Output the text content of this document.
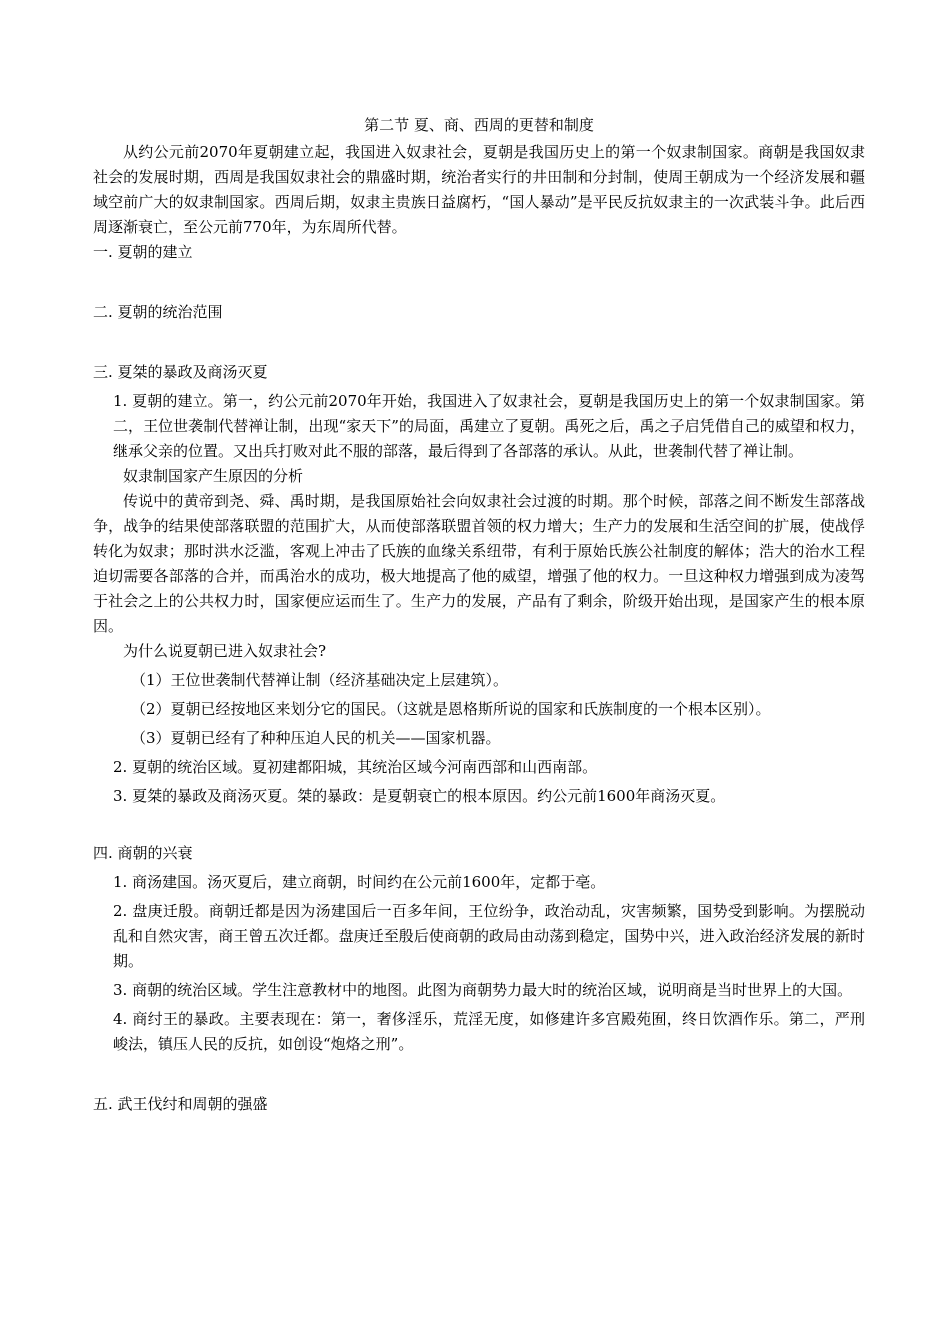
第二节 夏、商、西周的更替和制度

从约公元前2070年夏朝建立起，我国进入奴隶社会，夏朝是我国历史上的第一个奴隶制国家。商朝是我国奴隶社会的发展时期，西周是我国奴隶社会的鼎盛时期，统治者实行的井田制和分封制，使周王朝成为一个经济发展和疆域空前广大的奴隶制国家。西周后期，奴隶主贵族日益腐朽，“国人暴动”是平民反抗奴隶主的一次武装斗争。此后西周逐渐衰亡，至公元前770年，为东周所代替。

一. 夏朝的建立

二. 夏朝的统治范围

三. 夏桀的暴政及商汤灭夏

1. 夏朝的建立。第一，约公元前2070年开始，我国进入了奴隶社会，夏朝是我国历史上的第一个奴隶制国家。第二，王位世袭制代替禅让制，出现“家天下”的局面，禹建立了夏朝。禹死之后，禹之子启凭借自己的威望和权力，继承父亲的位置。又出兵打败对此不服的部落，最后得到了各部落的承认。从此，世袭制代替了禅让制。

奴隶制国家产生原因的分析

传说中的黄帝到尧、舜、禹时期，是我国原始社会向奴隶社会过渡的时期。那个时候，部落之间不断发生部落战争，战争的结果使部落联盟的范围扩大，从而使部落联盟首领的权力增大；生产力的发展和生活空间的扩展，使战俘转化为奴隶；那时洪水泛滥，客观上冲击了氏族的血缘关系纽带，有利于原始氏族公社制度的解体；浩大的治水工程迫切需要各部落的合并，而禹治水的成功，极大地提高了他的威望，增强了他的权力。一旦这种权力增强到成为凌驾于社会之上的公共权力时，国家便应运而生了。生产力的发展，产品有了剩余，阶级开始出现，是国家产生的根本原因。

为什么说夏朝已进入奴隶社会?

（1）王位世袭制代替禅让制（经济基础决定上层建筑）。

（2）夏朝已经按地区来划分它的国民。（这就是恩格斯所说的国家和氏族制度的一个根本区别）。

（3）夏朝已经有了种种压迫人民的机关——国家机器。

2. 夏朝的统治区域。夏初建都阳城，其统治区域今河南西部和山西南部。

3. 夏桀的暴政及商汤灭夏。桀的暴政：是夏朝衰亡的根本原因。约公元前1600年商汤灭夏。

四. 商朝的兴衰

1. 商汤建国。汤灭夏后，建立商朝，时间约在公元前1600年，定都于亳。

2. 盘庚迁殷。商朝迁都是因为汤建国后一百多年间，王位纷争，政治动乱，灾害频繁，国势受到影响。为摆脱动乱和自然灾害，商王曾五次迁都。盘庚迁至殷后使商朝的政局由动荡到稳定，国势中兴，进入政治经济发展的新时期。

3. 商朝的统治区域。学生注意教材中的地图。此图为商朝势力最大时的统治区域，说明商是当时世界上的大国。

4. 商纣王的暴政。主要表现在：第一，奢侈淫乐，荒淫无度，如修建许多宫殿苑囿，终日饮酒作乐。第二，严刑峻法，镇压人民的反抗，如创设“炮烙之刑”。

五. 武王伐纣和周朝的强盛
